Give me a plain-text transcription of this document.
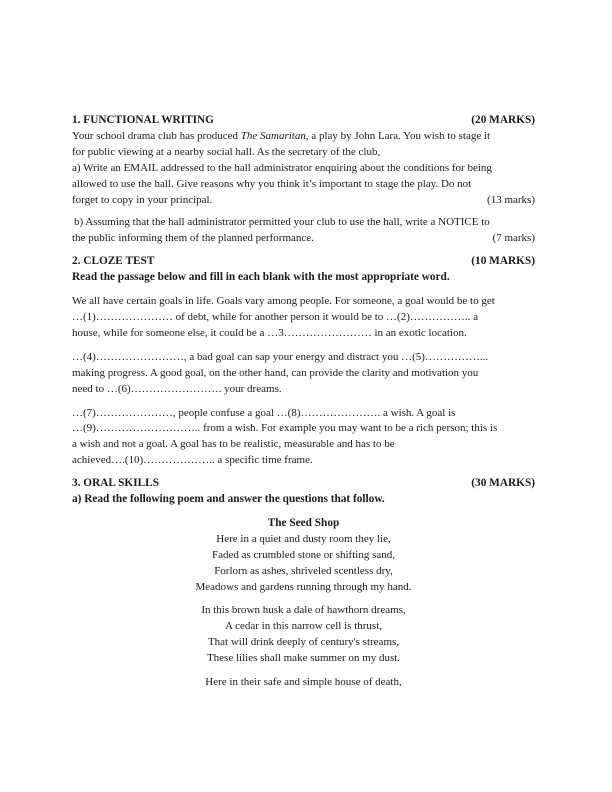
1. FUNCTIONAL WRITING	(20 MARKS)

Your school drama club has produced The Samaritan, a play by John Lara. You wish to stage it

for public viewing at a nearby social hall. As the secretary of the club,

a) Write an EMAIL addressed to the hall administrator enquiring about the conditions for being

allowed to use the hall. Give reasons why you think it’s important to stage the play. Do not

forget to copy in your principal.	(13 marks)

b) Assuming that the hall administrator permitted your club to use the hall, write a NOTICE to

the public informing them of the planned performance.	(7 marks)
2. CLOZE TEST	(10 MARKS)

Read the passage below and fill in each blank with the most appropriate word.

We all have certain goals in life. Goals vary among people. For someone, a goal would be to get

…(1)………………… of debt, while for another person it would be to …(2)…………….. a

house, while for someone else, it could be a …3…………………… in an exotic location.

…(4)……………………, a bad goal can sap your energy and distract you …(5)……………...

making progress. A good goal, on the other hand, can provide the clarity and motivation you

need to …(6)……………………. your dreams.

…(7)…………………, people confuse a goal …(8)…………………. a wish. A goal is

…(9)……………………….. from a wish. For example you may want to be a rich person; this is

a wish and not a goal. A goal has to be realistic, measurable and has to be

achieved….(10)……………….. a specific time frame.

3. ORAL SKILLS	(30 MARKS)

a) Read the following poem and answer the questions that follow.

The Seed Shop

Here in a quiet and dusty room they lie,

Faded as crumbled stone or shifting sand,

Forlorn as ashes, shriveled scentless dry,

Meadows and gardens running through my hand.

In this brown husk a dale of hawthorn dreams,

A cedar in this narrow cell is thrust,

That will drink deeply of century's streams,

These lilies shall make summer on my dust.

Here in their safe and simple house of death,
